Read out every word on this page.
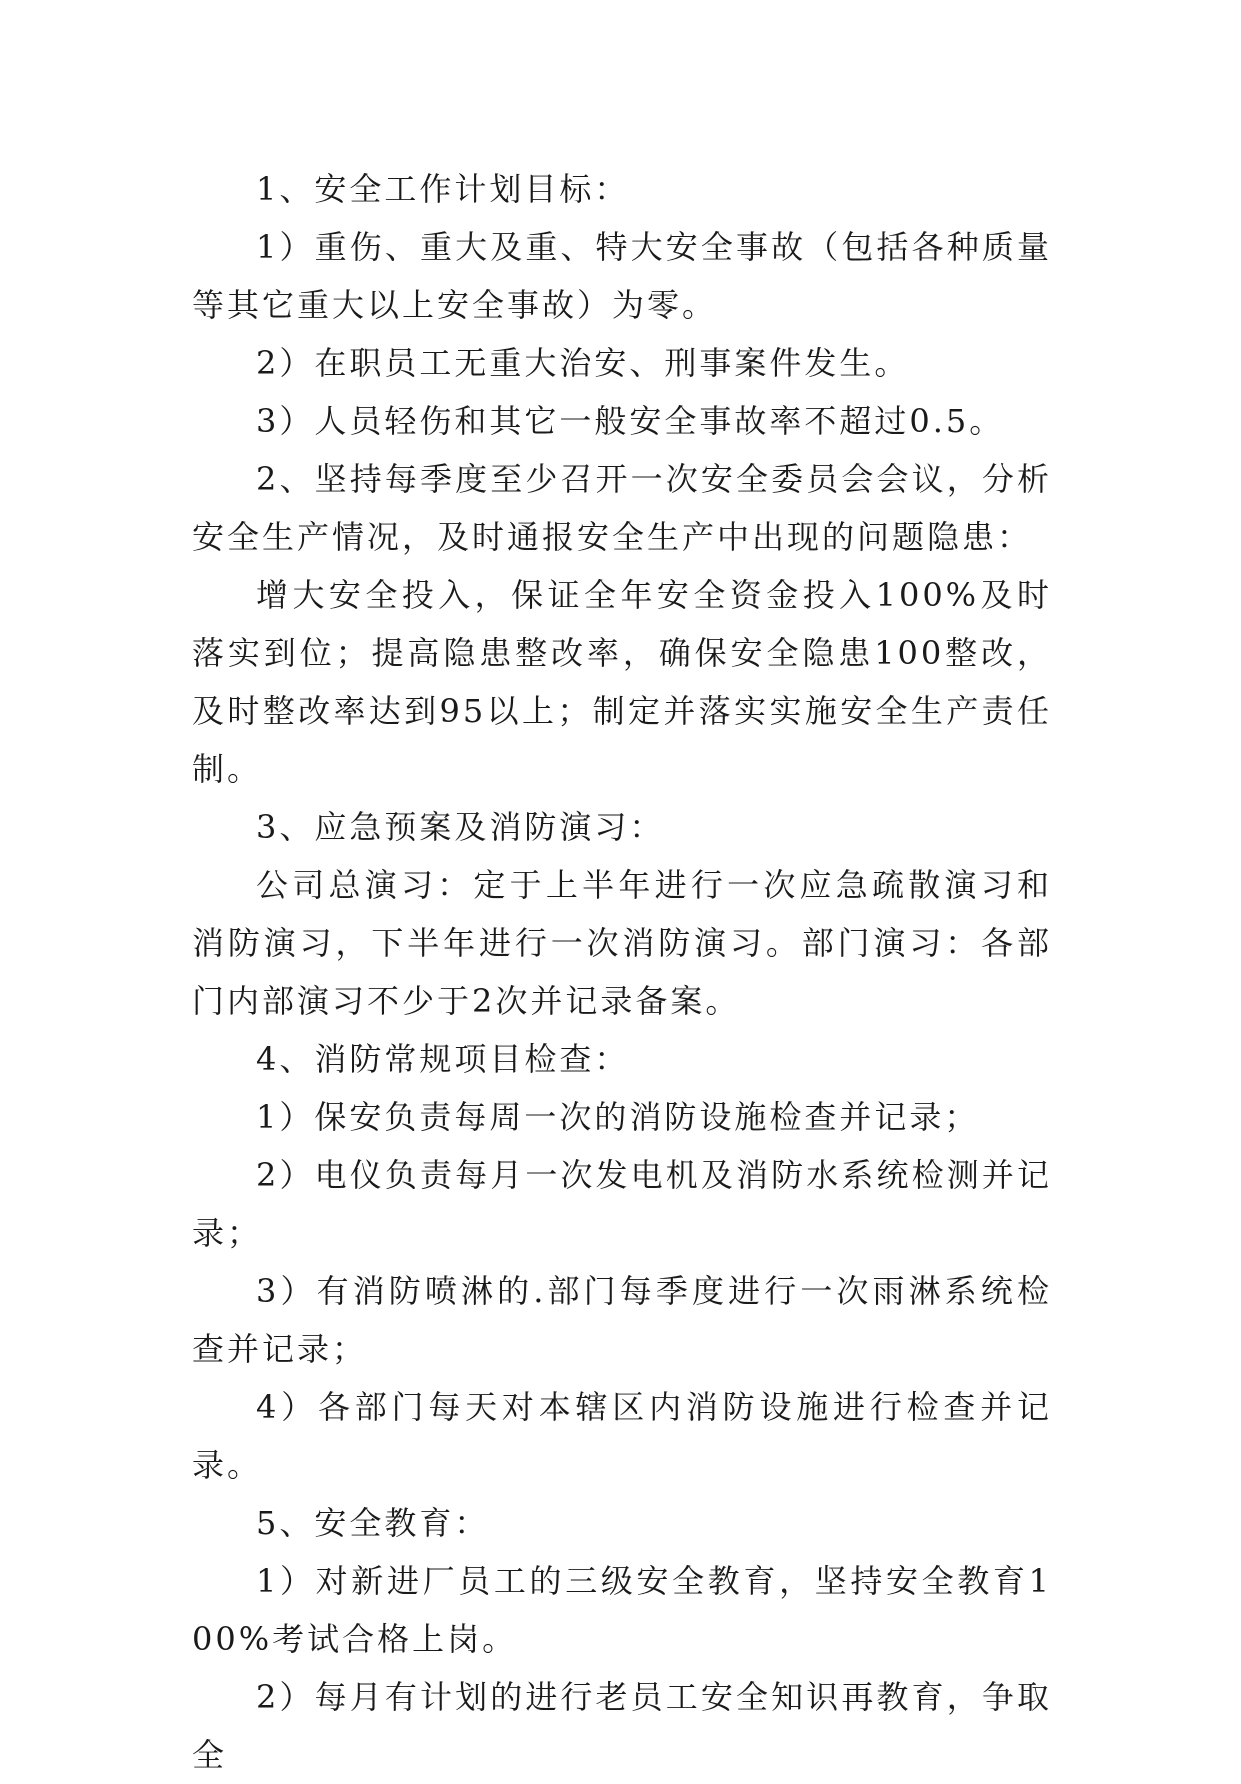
1、安全工作计划目标：

1）重伤、重大及重、特大安全事故（包括各种质量等其它重大以上安全事故）为零。

2）在职员工无重大治安、刑事案件发生。

3）人员轻伤和其它一般安全事故率不超过0.5。

2、坚持每季度至少召开一次安全委员会会议，分析安全生产情况，及时通报安全生产中出现的问题隐患：

增大安全投入，保证全年安全资金投入100%及时落实到位；提高隐患整改率，确保安全隐患100整改，及时整改率达到95以上；制定并落实实施安全生产责任制。

3、应急预案及消防演习：

公司总演习：定于上半年进行一次应急疏散演习和消防演习，下半年进行一次消防演习。部门演习：各部门内部演习不少于2次并记录备案。

4、消防常规项目检查：

1）保安负责每周一次的消防设施检查并记录；

2）电仪负责每月一次发电机及消防水系统检测并记录；

3）有消防喷淋的.部门每季度进行一次雨淋系统检查并记录；

4）各部门每天对本辖区内消防设施进行检查并记录。

5、安全教育：

1）对新进厂员工的三级安全教育，坚持安全教育100%考试合格上岗。

2）每月有计划的进行老员工安全知识再教育，争取全
